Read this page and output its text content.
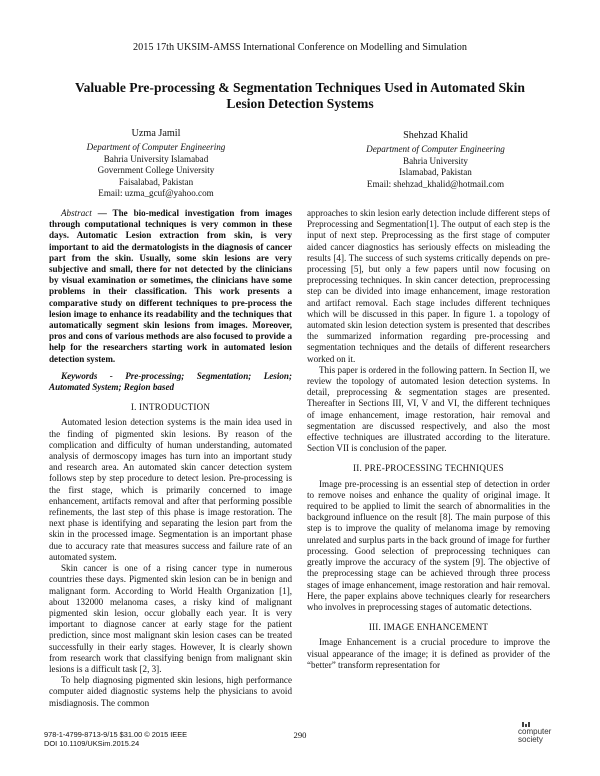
2015 17th UKSIM-AMSS International Conference on Modelling and Simulation
Valuable Pre-processing & Segmentation Techniques Used in Automated Skin
Lesion Detection Systems
Uzma Jamil
Department of Computer Engineering
Bahria University Islamabad
Government College University
Faisalabad, Pakistan
Email: uzma_gcuf@yahoo.com
Shehzad Khalid
Department of Computer Engineering
Bahria University
Islamabad, Pakistan
Email: shehzad_khalid@hotmail.com

Abstract — The bio-medical investigation from images through computational techniques is very common in these days. Automatic Lesion extraction from skin, is very important to aid the dermatologists in the diagnosis of cancer part from the skin. Usually, some skin lesions are very subjective and small, there for not detected by the clinicians by visual examination or sometimes, the clinicians have some problems in their classification. This work presents a comparative study on different techniques to pre-process the lesion image to enhance its readability and the techniques that automatically segment skin lesions from images. Moreover, pros and cons of various methods are also focused to provide a help for the researchers starting work in automated lesion detection system.

Keywords - Pre-processing; Segmentation; Lesion; Automated System; Region based

I. INTRODUCTION

Automated lesion detection systems is the main idea used in the finding of pigmented skin lesions. By reason of the complication and difficulty of human understanding, automated analysis of dermoscopy images has turn into an important study and research area. An automated skin cancer detection system follows step by step procedure to detect lesion. Pre-processing is the first stage, which is primarily concerned to image enhancement, artifacts removal and after that performing possible refinements, the last step of this phase is image restoration. The next phase is identifying and separating the lesion part from the skin in the processed image. Segmentation is an important phase due to accuracy rate that measures success and failure rate of an automated system.

Skin cancer is one of a rising cancer type in numerous countries these days. Pigmented skin lesion can be in benign and malignant form. According to World Health Organization [1], about 132000 melanoma cases, a risky kind of malignant pigmented skin lesion, occur globally each year. It is very important to diagnose cancer at early stage for the patient prediction, since most malignant skin lesion cases can be treated successfully in their early stages. However, It is clearly shown from research work that classifying benign from malignant skin lesions is a difficult task [2, 3].

To help diagnosing pigmented skin lesions, high performance computer aided diagnostic systems help the physicians to avoid misdiagnosis. The common

approaches to skin lesion early detection include different steps of Preprocessing and Segmentation[1]. The output of each step is the input of next step. Preprocessing as the first stage of computer aided cancer diagnostics has seriously effects on misleading the results [4]. The success of such systems critically depends on pre-processing [5], but only a few papers until now focusing on preprocessing techniques. In skin cancer detection, preprocessing step can be divided into image enhancement, image restoration and artifact removal. Each stage includes different techniques which will be discussed in this paper. In figure 1. a topology of automated skin lesion detection system is presented that describes the summarized information regarding pre-processing and segmentation techniques and the details of different researchers worked on it.

This paper is ordered in the following pattern. In Section II, we review the topology of automated lesion detection systems. In detail, preprocessing & segmentation stages are presented. Thereafter in Sections III, VI, V and VI, the different techniques of image enhancement, image restoration, hair removal and segmentation are discussed respectively, and also the most effective techniques are illustrated according to the literature. Section VII is conclusion of the paper.

II. PRE-PROCESSING TECHNIQUES

Image pre-processing is an essential step of detection in order to remove noises and enhance the quality of original image. It required to be applied to limit the search of abnormalities in the background influence on the result [8]. The main purpose of this step is to improve the quality of melanoma image by removing unrelated and surplus parts in the back ground of image for further processing. Good selection of preprocessing techniques can greatly improve the accuracy of the system [9]. The objective of the preprocessing stage can be achieved through three process stages of image enhancement, image restoration and hair removal. Here, the paper explains above techniques clearly for researchers who involves in preprocessing stages of automatic detections.

III. IMAGE ENHANCEMENT

Image Enhancement is a crucial procedure to improve the visual appearance of the image; it is defined as provider of the “better” transform representation for

978-1-4799-8713-9/15 $31.00 © 2015 IEEE
DOI 10.1109/UKSim.2015.24
290	computer
society
